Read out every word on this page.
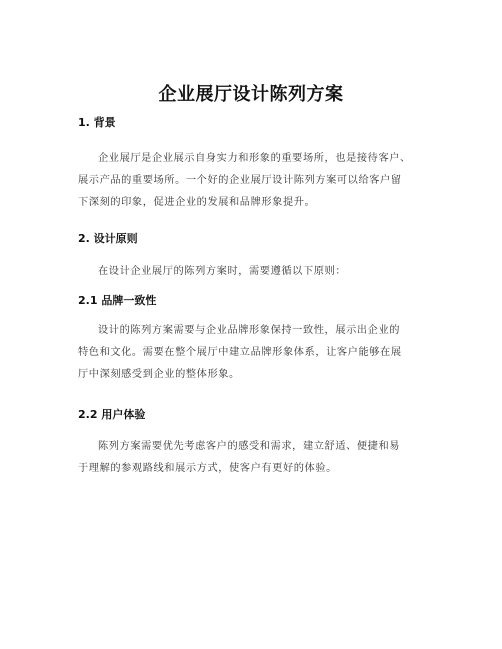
企业展厅设计陈列方案
1. 背景
企业展厅是企业展示自身实力和形象的重要场所，也是接待客户、
展示产品的重要场所。一个好的企业展厅设计陈列方案可以给客户留
下深刻的印象，促进企业的发展和品牌形象提升。
2. 设计原则
在设计企业展厅的陈列方案时，需要遵循以下原则：
2.1 品牌一致性
设计的陈列方案需要与企业品牌形象保持一致性，展示出企业的
特色和文化。需要在整个展厅中建立品牌形象体系，让客户能够在展
厅中深刻感受到企业的整体形象。
2.2 用户体验
陈列方案需要优先考虑客户的感受和需求，建立舒适、便捷和易
于理解的参观路线和展示方式，使客户有更好的体验。
